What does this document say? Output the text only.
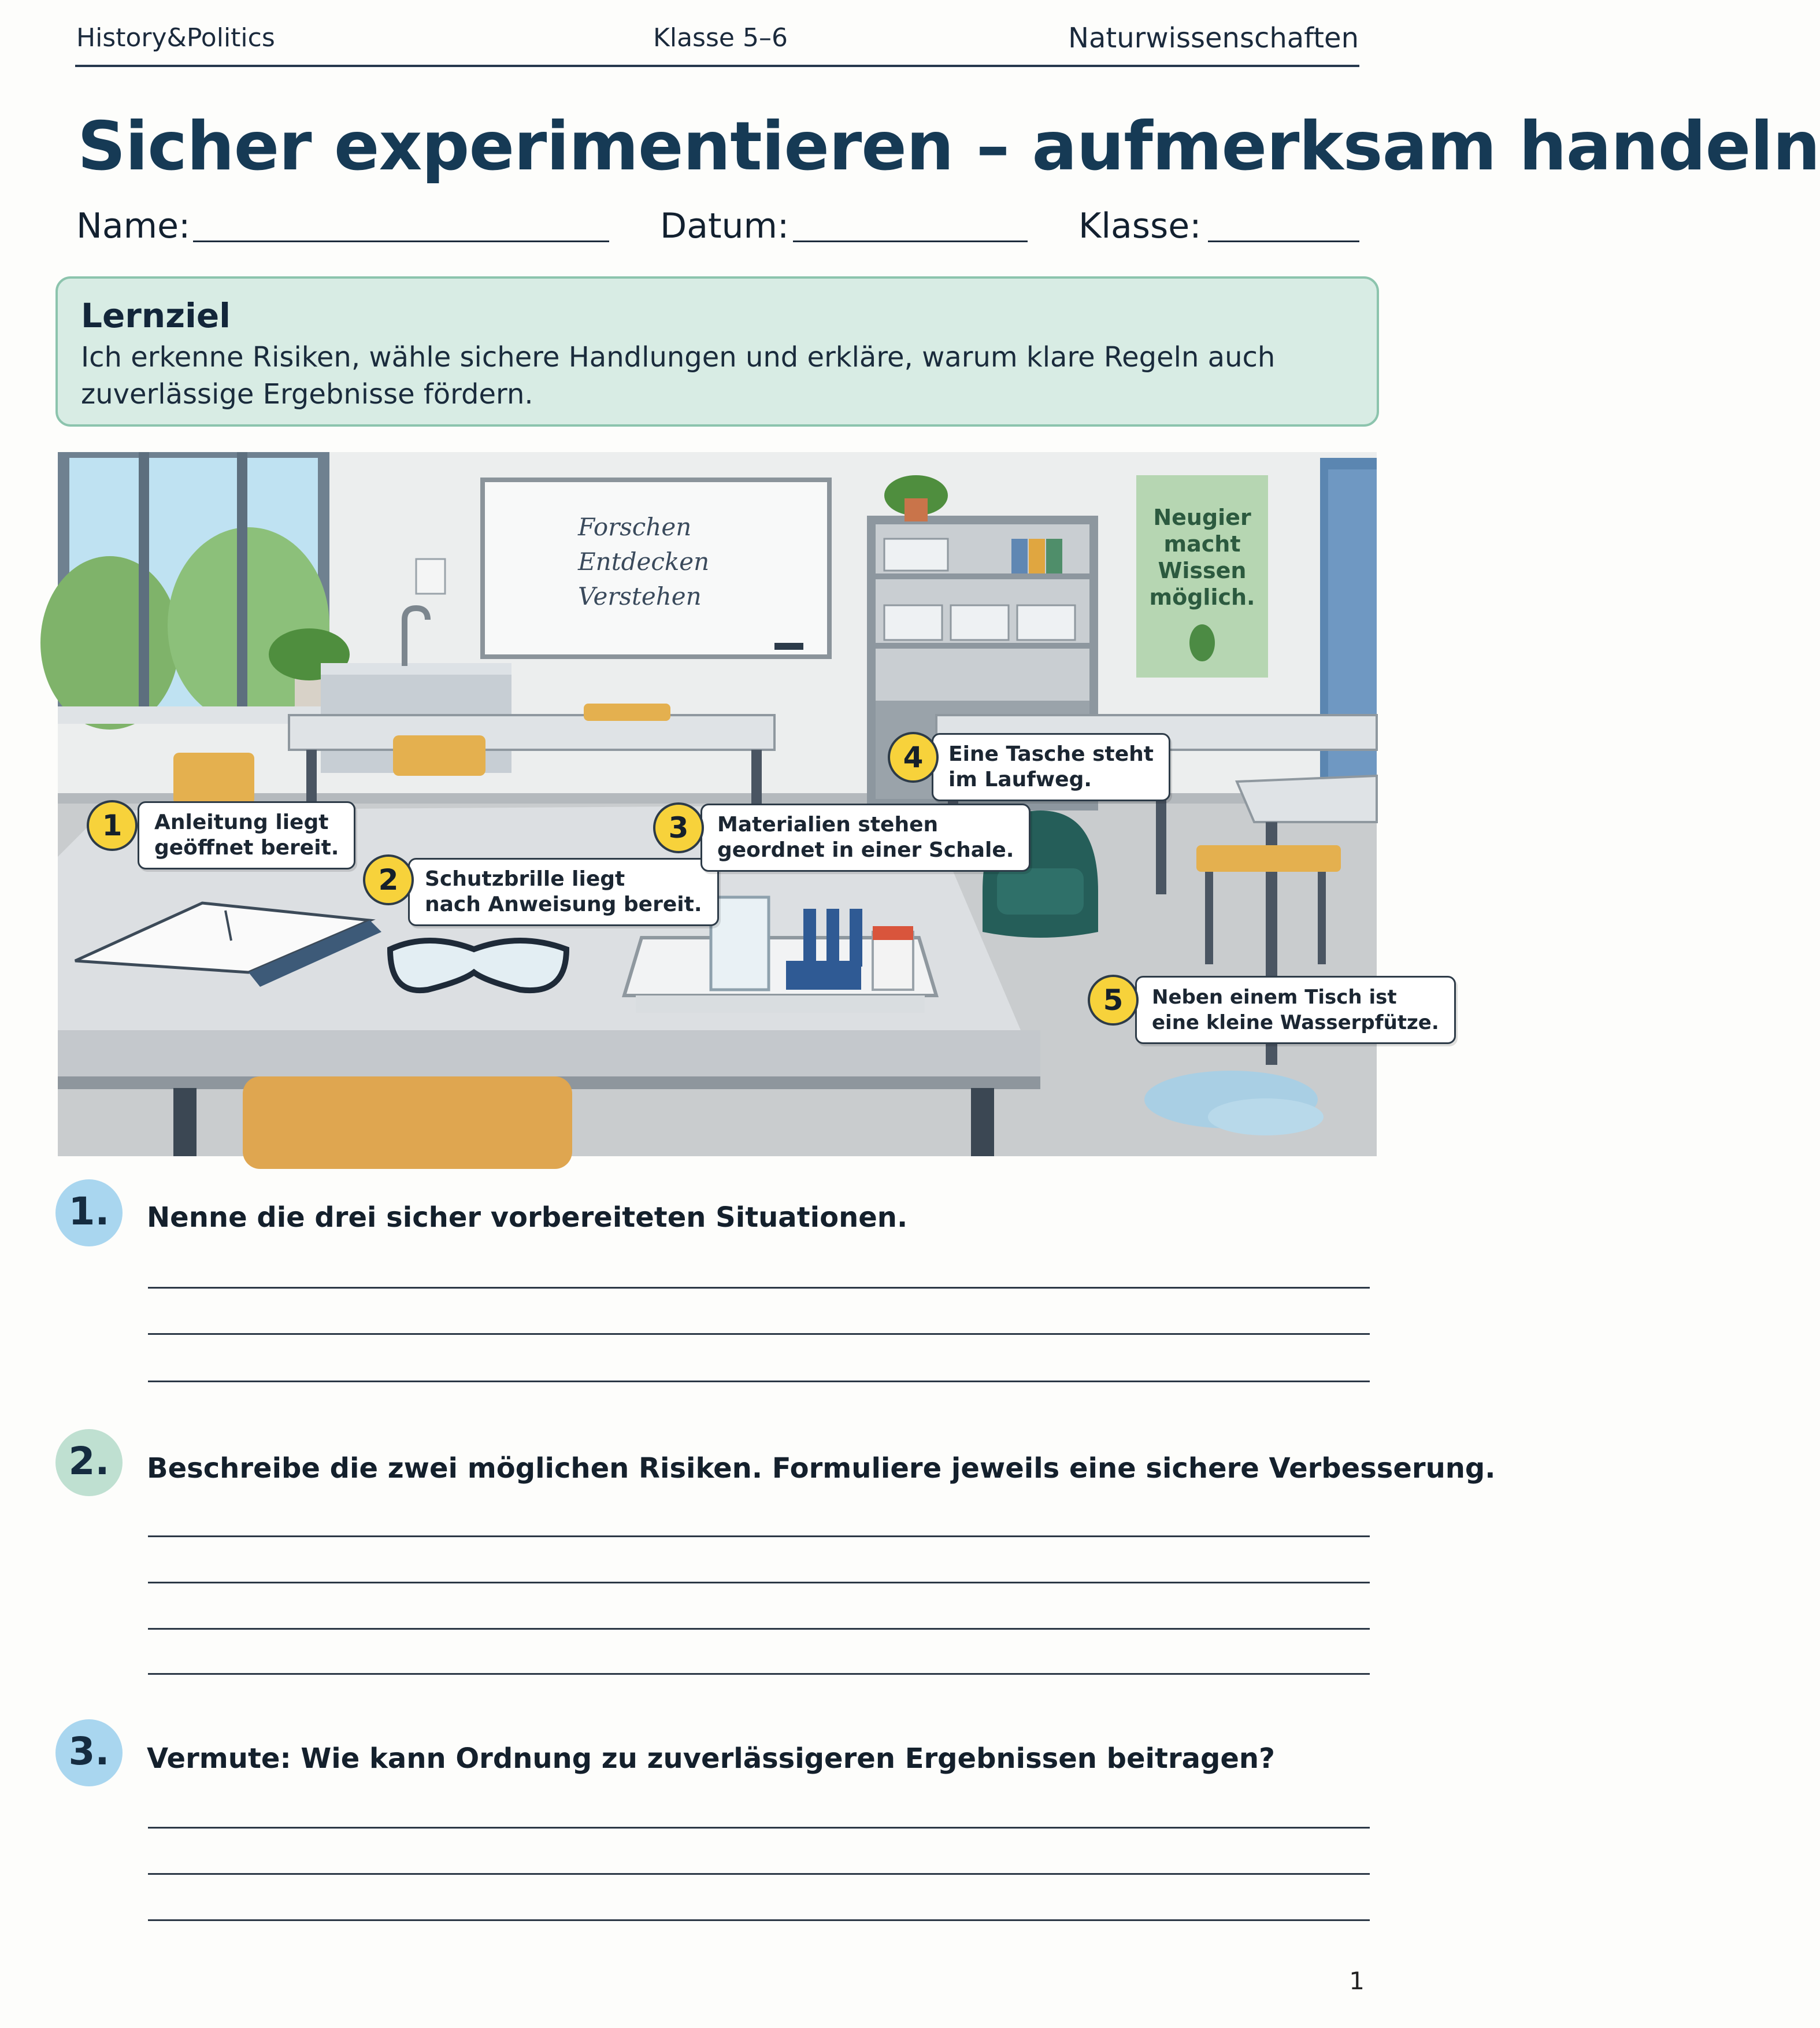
History&Politics	Klasse 5–6	Naturwissenschaften
Sicher experimentieren – aufmerksam handeln
Name:	Datum:	Klasse:
Lernziel
Ich erkenne Risiken, wähle sichere Handlungen und erkläre, warum klare Regeln auch zuverlässige Ergebnisse fördern.
Forschen
Entdecken
Verstehen
Neugier
macht
Wissen
möglich.
Anleitung liegt
geöffnet bereit.
1
Schutzbrille liegt
nach Anweisung bereit.
2
Materialien stehen
geordnet in einer Schale.
3
Eine Tasche steht
im Laufweg.
4
Neben einem Tisch ist
eine kleine Wasserpfütze.
5
1.	Nenne die drei sicher vorbereiteten Situationen.
2.	Beschreibe die zwei möglichen Risiken. Formuliere jeweils eine sichere Verbesserung.
3.	Vermute: Wie kann Ordnung zu zuverlässigeren Ergebnissen beitragen?
1
